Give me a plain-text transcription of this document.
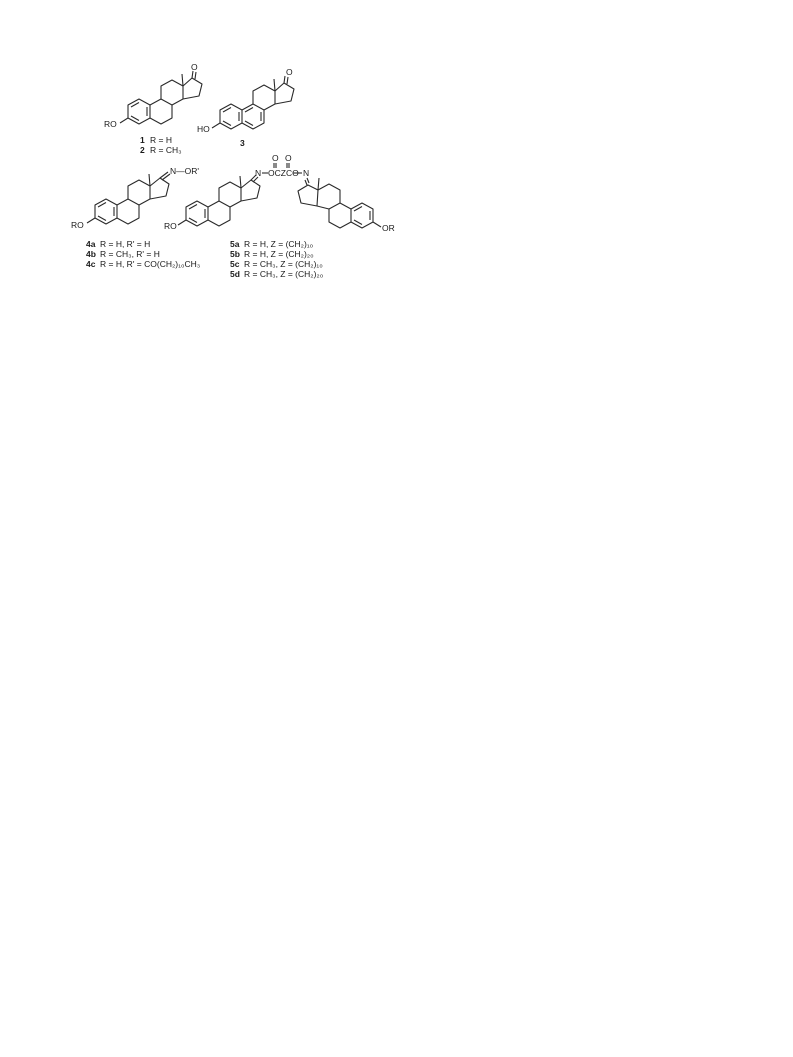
O
RO
1 R = H
2 R = CH₃
O
HO
3
N—OR'
RO
4a R = H, R' = H
4b R = CH₃, R' = H
4c R = H, R' = CO(CH₂)₁₀CH₃
RO
N OCZCO N
O O
OR
5a R = H, Z = (CH₂)₁₀
5b R = H, Z = (CH₂)₂₀
5c R = CH₃, Z = (CH₂)₁₀
5d R = CH₃, Z = (CH₂)₂₀
